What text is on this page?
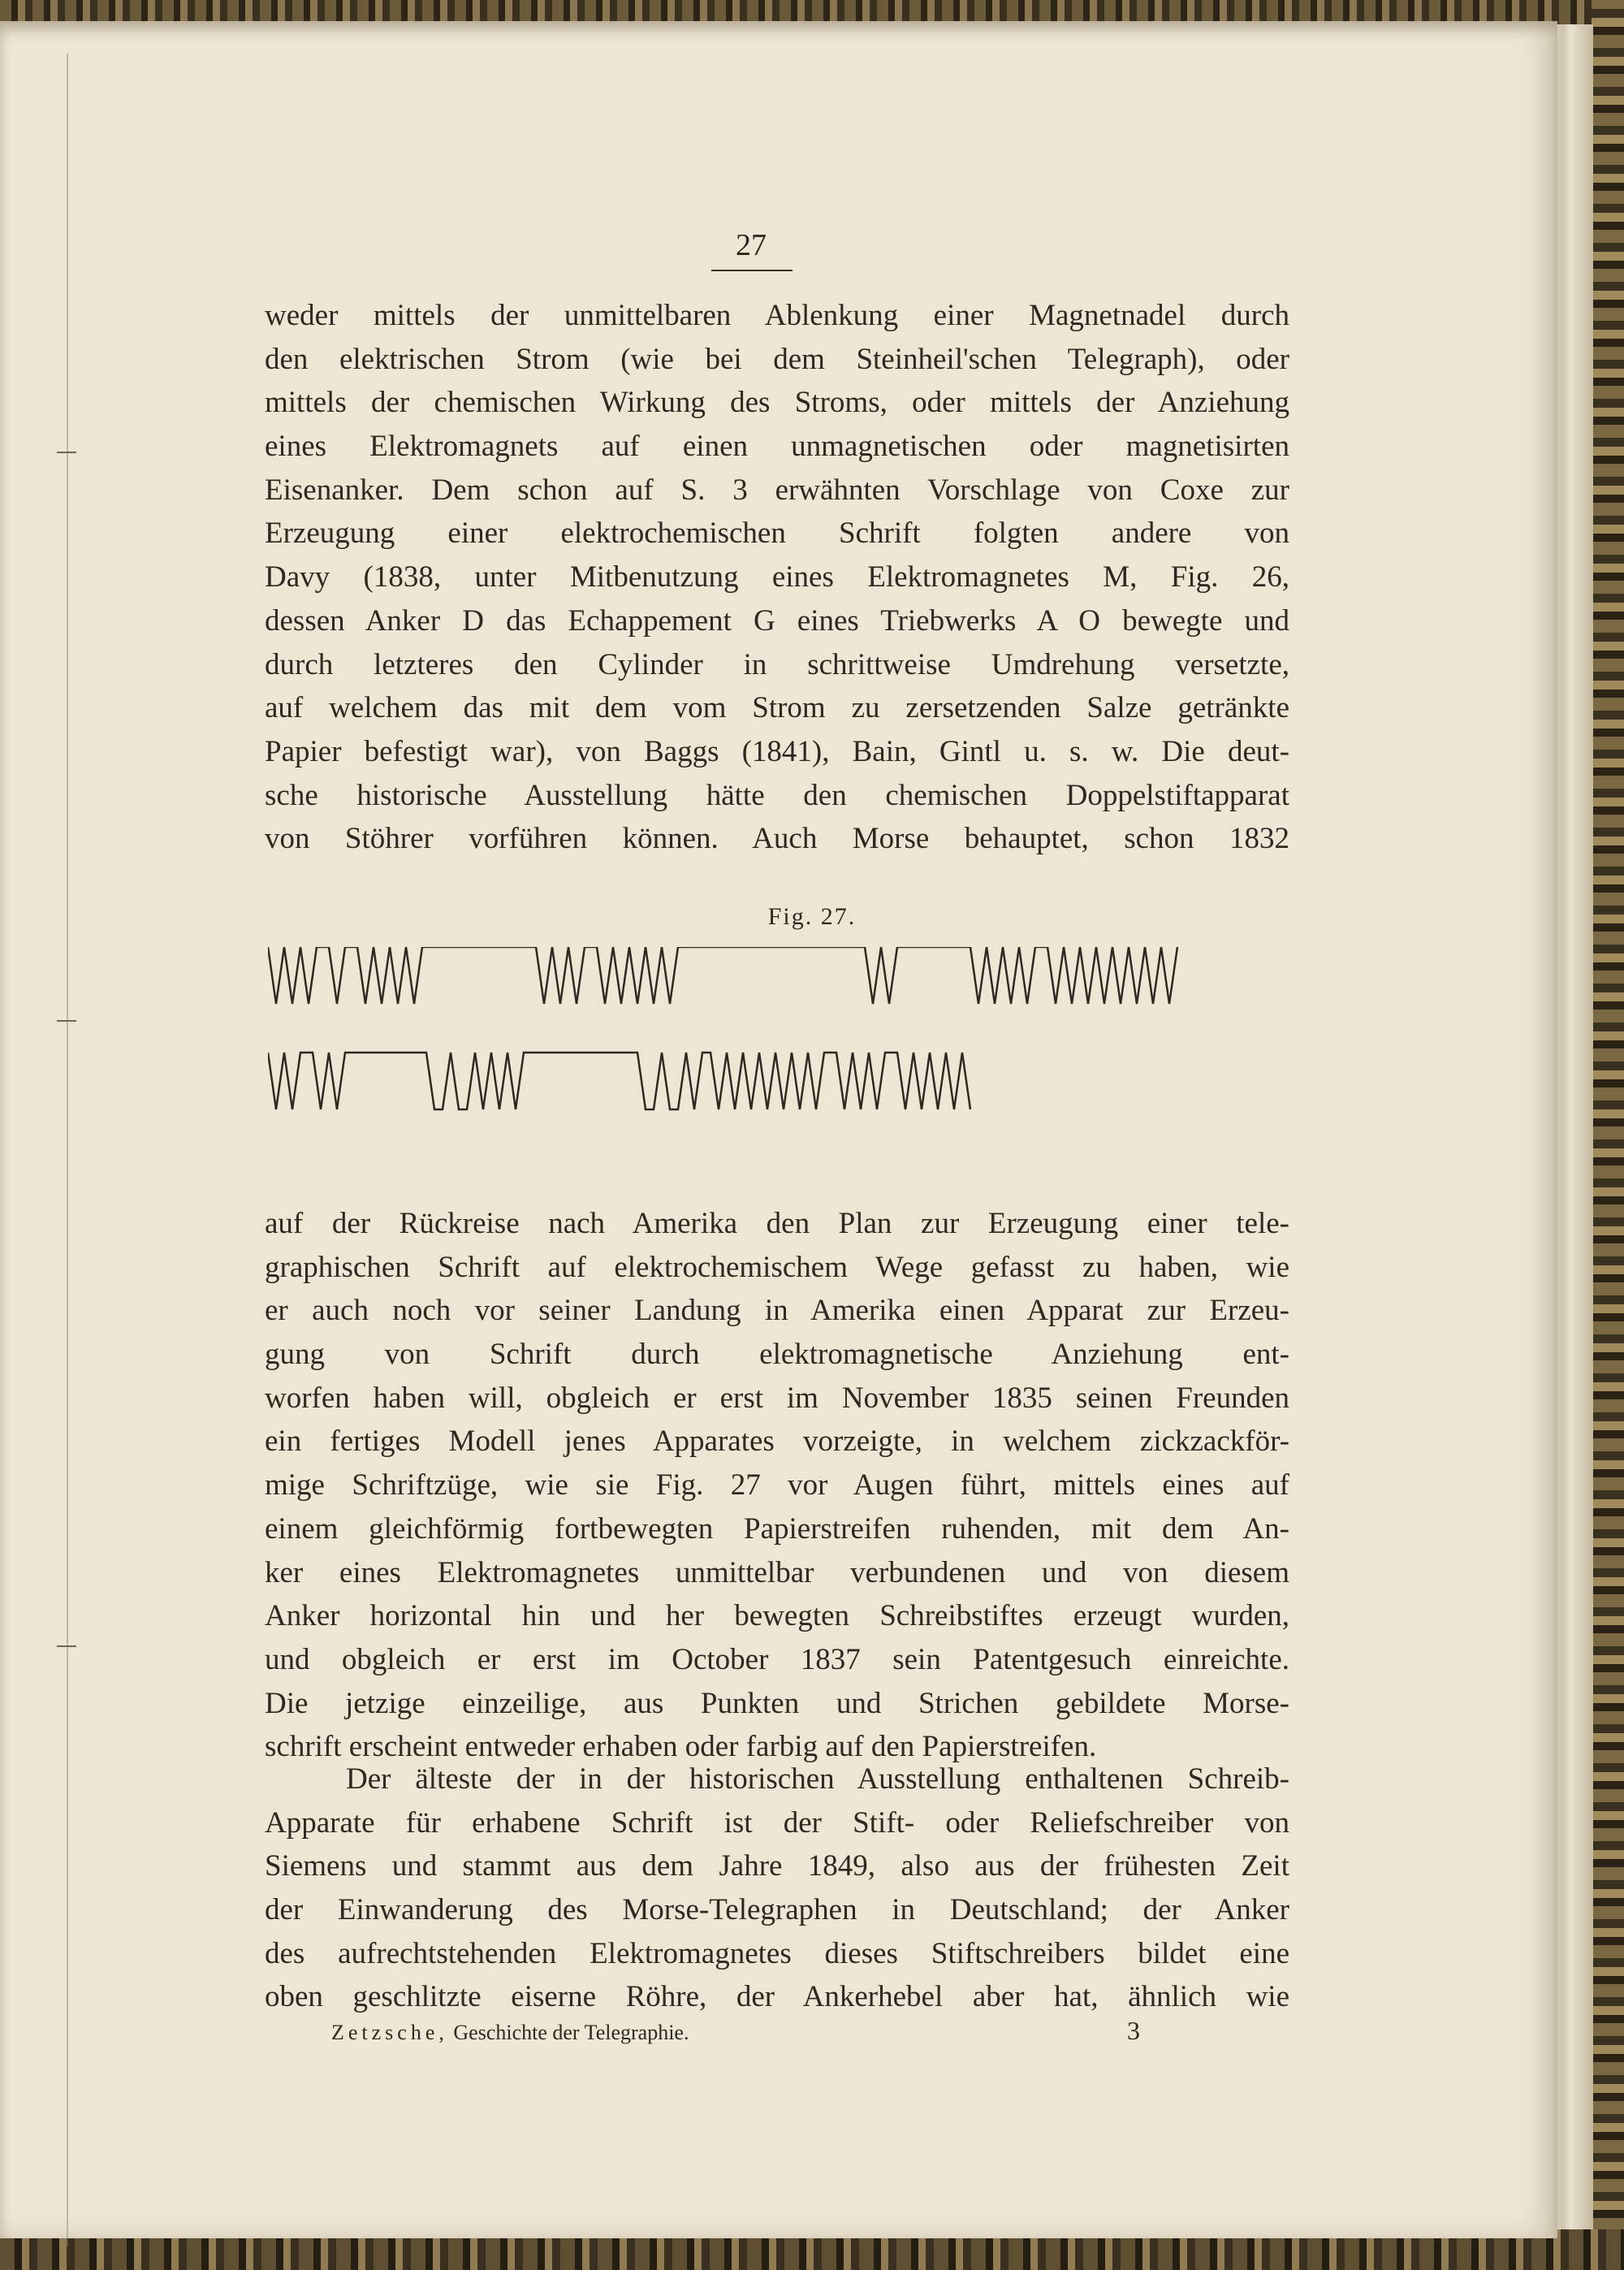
27
weder mittels der unmittelbaren Ablenkung einer Magnetnadel durch
den elektrischen Strom (wie bei dem Steinheil'schen Telegraph), oder
mittels der chemischen Wirkung des Stroms, oder mittels der Anziehung
eines Elektromagnets auf einen unmagnetischen oder magnetisirten
Eisenanker. Dem schon auf S. 3 erwähnten Vorschlage von Coxe zur
Erzeugung einer elektrochemischen Schrift folgten andere von
Davy (1838, unter Mitbenutzung eines Elektromagnetes M, Fig. 26,
dessen Anker D das Echappement G eines Triebwerks A O bewegte und
durch letzteres den Cylinder in schrittweise Umdrehung versetzte,
auf welchem das mit dem vom Strom zu zersetzenden Salze getränkte
Papier befestigt war), von Baggs (1841), Bain, Gintl u. s. w. Die deut-
sche historische Ausstellung hätte den chemischen Doppelstiftapparat
von Stöhrer vorführen können. Auch Morse behauptet, schon 1832
Fig. 27.
auf der Rückreise nach Amerika den Plan zur Erzeugung einer tele-
graphischen Schrift auf elektrochemischem Wege gefasst zu haben, wie
er auch noch vor seiner Landung in Amerika einen Apparat zur Erzeu-
gung von Schrift durch elektromagnetische Anziehung ent-
worfen haben will, obgleich er erst im November 1835 seinen Freunden
ein fertiges Modell jenes Apparates vorzeigte, in welchem zickzackför-
mige Schriftzüge, wie sie Fig. 27 vor Augen führt, mittels eines auf
einem gleichförmig fortbewegten Papierstreifen ruhenden, mit dem An-
ker eines Elektromagnetes unmittelbar verbundenen und von diesem
Anker horizontal hin und her bewegten Schreibstiftes erzeugt wurden,
und obgleich er erst im October 1837 sein Patentgesuch einreichte.
Die jetzige einzeilige, aus Punkten und Strichen gebildete Morse-
schrift erscheint entweder erhaben oder farbig auf den Papierstreifen.
Der älteste der in der historischen Ausstellung enthaltenen Schreib-
Apparate für erhabene Schrift ist der Stift- oder Reliefschreiber von
Siemens und stammt aus dem Jahre 1849, also aus der frühesten Zeit
der Einwanderung des Morse-Telegraphen in Deutschland; der Anker
des aufrechtstehenden Elektromagnetes dieses Stiftschreibers bildet eine
oben geschlitzte eiserne Röhre, der Ankerhebel aber hat, ähnlich wie
Zetzsche, Geschichte der Telegraphie.	3
